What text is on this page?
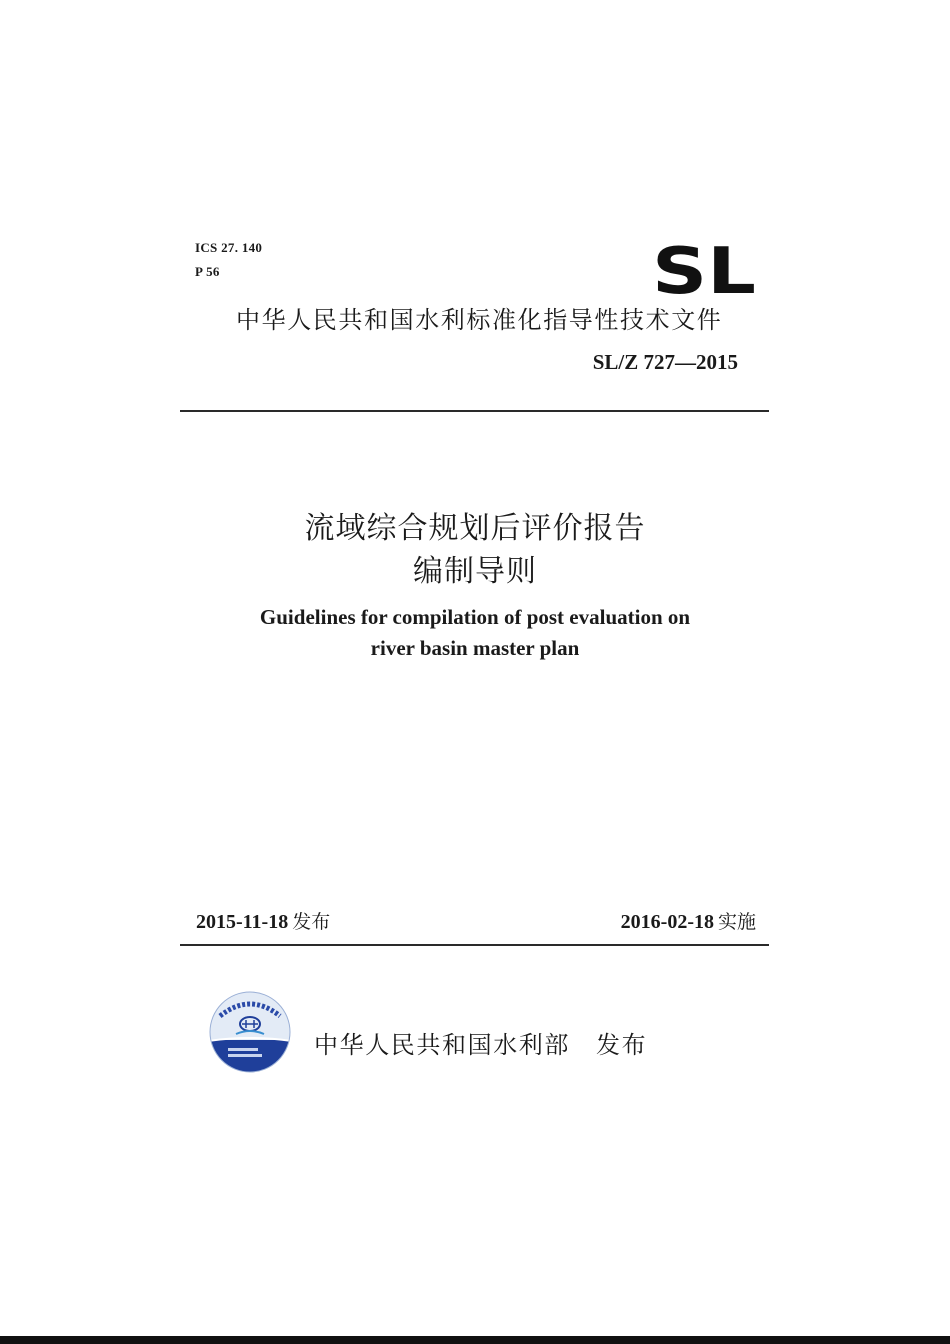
ICS 27. 140
P 56	SL
中华人民共和国水利标准化指导性技术文件
SL/Z 727—2015
流域综合规划后评价报告
编制导则
Guidelines for compilation of post evaluation on
river basin master plan
2015-11-18 发布	2016-02-18 实施
中华人民共和国水利部 发布
